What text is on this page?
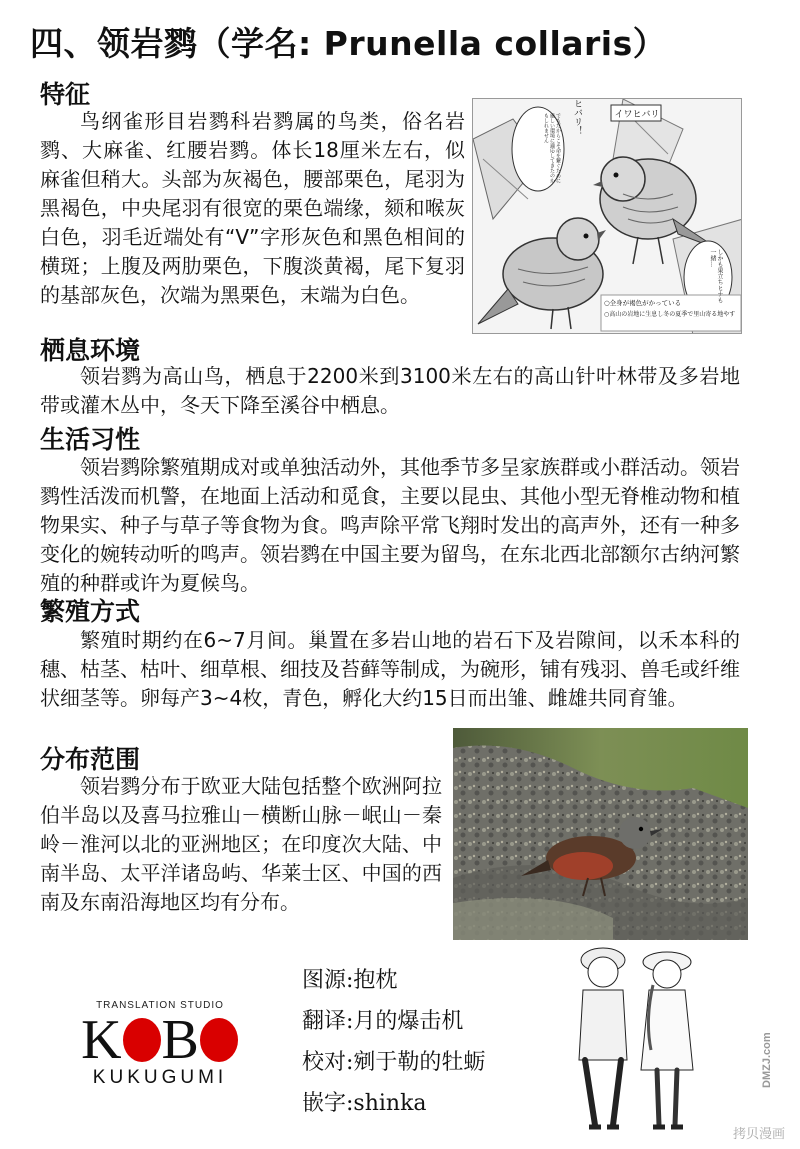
四、领岩鹨（学名: Prunella collaris）
特征

鸟纲雀形目岩鹨科岩鹨属的鸟类，俗名岩鹨、大麻雀、红腰岩鹨。体长18厘米左右，似麻雀但稍大。头部为灰褐色，腰部栗色，尾羽为黑褐色，中央尾羽有很宽的栗色端缘，颏和喉灰白色，羽毛近端处有“V”字形灰色和黑色相间的横斑；上腹及两肋栗色，下腹淡黄褐，尾下复羽的基部灰色，次端为黑栗色，末端为白色。

イワヒバリ
ヒバリ！
でもだからこそ命を繋ぐために厳しい環境に適応してきたのかもしれません
しかも巣立ちヒナも一緒…
○全身が褐色がかっている
○高山の岩地に生息し冬の夏季で里山寄る地やす
栖息环境

领岩鹨为高山鸟，栖息于2200米到3100米左右的高山针叶林带及多岩地带或灌木丛中，冬天下降至溪谷中栖息。

生活习性

领岩鹨除繁殖期成对或单独活动外，其他季节多呈家族群或小群活动。领岩鹨性活泼而机警，在地面上活动和觅食，主要以昆虫、其他小型无脊椎动物和植物果实、种子与草子等食物为食。鸣声除平常飞翔时发出的高声外，还有一种多变化的婉转动听的鸣声。领岩鹨在中国主要为留鸟，在东北西北部额尔古纳河繁殖的种群或许为夏候鸟。

繁殖方式

繁殖时期约在6~7月间。巢置在多岩山地的岩石下及岩隙间，以禾本科的穗、枯茎、枯叶、细草根、细技及苔藓等制成，为碗形，铺有残羽、兽毛或纤维状细茎等。卵每产3~4枚，青色，孵化大约15日而出雏、雌雄共同育雏。

分布范围

领岩鹨分布于欧亚大陆包括整个欧洲阿拉伯半岛以及喜马拉雅山－横断山脉－岷山－秦岭－淮河以北的亚洲地区；在印度次大陆、中南半岛、太平洋诸岛屿、华莱士区、中国的西南及东南沿海地区均有分布。

图源:抱枕
翻译:月的爆击机
校对:剜于勒的牡蛎
嵌字:shinka
TRANSLATION STUDIO
K B
KUKUGUMI	DMZJ.com
拷贝漫画
